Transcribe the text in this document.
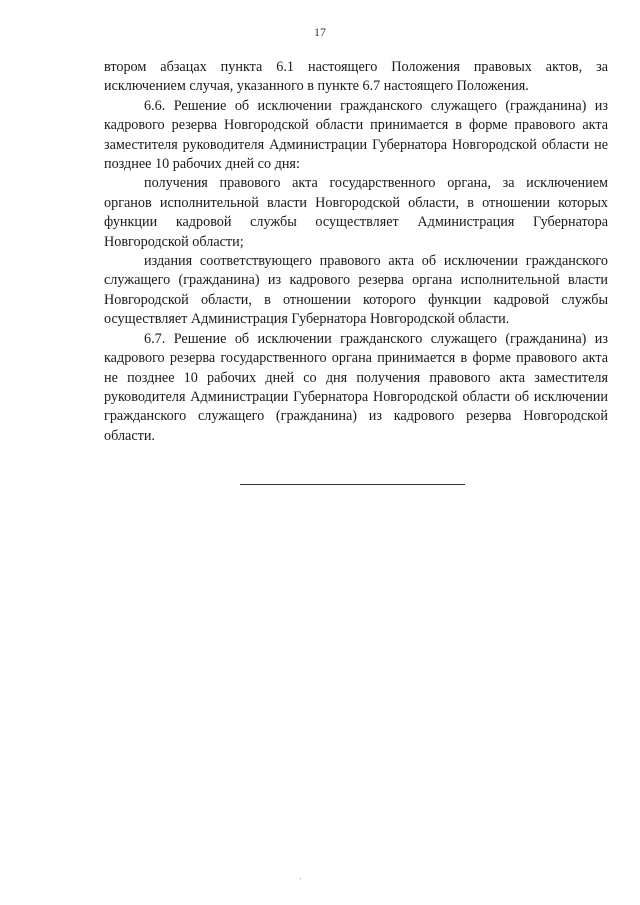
17

втором абзацах пункта 6.1 настоящего Положения правовых актов, за исключением случая, указанного в пункте 6.7 настоящего Положения.

6.6. Решение об исключении гражданского служащего (гражданина) из кадрового резерва Новгородской области принимается в форме правового акта заместителя руководителя Администрации Губернатора Новгородской области не позднее 10 рабочих дней со дня:

получения правового акта государственного органа, за исключением органов исполнительной власти Новгородской области, в отношении которых функции кадровой службы осуществляет Администрация Губернатора Новгородской области;

издания соответствующего правового акта об исключении гражданского служащего (гражданина) из кадрового резерва органа исполнительной власти Новгородской области, в отношении которого функции кадровой службы осуществляет Администрация Губернатора Новгородской области.

6.7. Решение об исключении гражданского служащего (гражданина) из кадрового резерва государственного органа принимается в форме правового акта не позднее 10 рабочих дней со дня получения правового акта заместителя руководителя Администрации Губернатора Новгородской области об исключении гражданского служащего (гражданина) из кадрового резерва Новгородской области.
